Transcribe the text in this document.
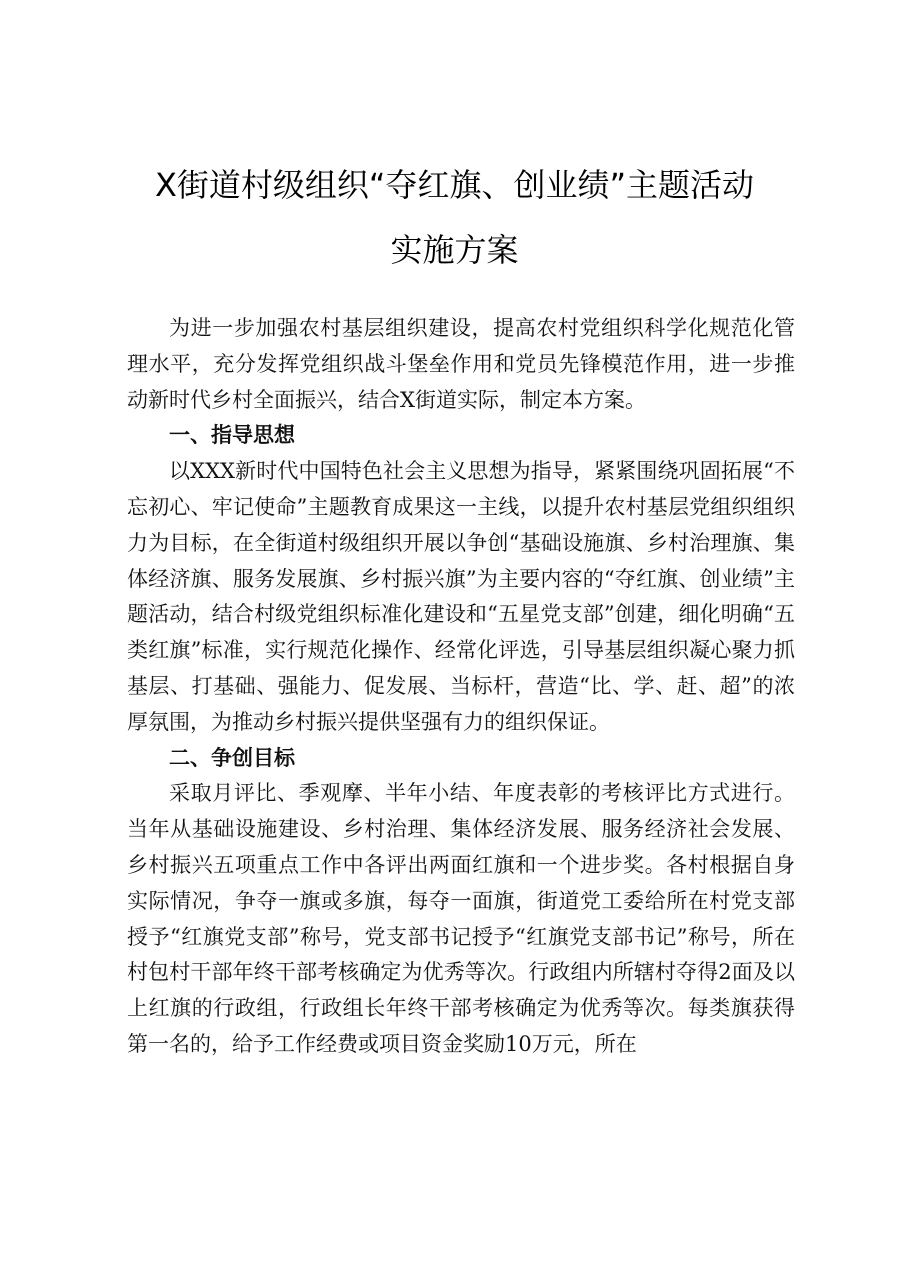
X街道村级组织“夺红旗、创业绩”主题活动
实施方案

为进一步加强农村基层组织建设，提高农村党组织科学化规范化管理水平，充分发挥党组织战斗堡垒作用和党员先锋模范作用，进一步推动新时代乡村全面振兴，结合X街道实际，制定本方案。

一、指导思想

以XXX新时代中国特色社会主义思想为指导，紧紧围绕巩固拓展“不忘初心、牢记使命”主题教育成果这一主线，以提升农村基层党组织组织力为目标，在全街道村级组织开展以争创“基础设施旗、乡村治理旗、集体经济旗、服务发展旗、乡村振兴旗”为主要内容的“夺红旗、创业绩”主题活动，结合村级党组织标准化建设和“五星党支部”创建，细化明确“五类红旗”标准，实行规范化操作、经常化评选，引导基层组织凝心聚力抓基层、打基础、强能力、促发展、当标杆，营造“比、学、赶、超”的浓厚氛围，为推动乡村振兴提供坚强有力的组织保证。

二、争创目标

采取月评比、季观摩、半年小结、年度表彰的考核评比方式进行。当年从基础设施建设、乡村治理、集体经济发展、服务经济社会发展、乡村振兴五项重点工作中各评出两面红旗和一个进步奖。各村根据自身实际情况，争夺一旗或多旗，每夺一面旗，街道党工委给所在村党支部授予“红旗党支部”称号，党支部书记授予“红旗党支部书记”称号，所在村包村干部年终干部考核确定为优秀等次。行政组内所辖村夺得2面及以上红旗的行政组，行政组长年终干部考核确定为优秀等次。每类旗获得第一名的，给予工作经费或项目资金奖励10万元，所在
